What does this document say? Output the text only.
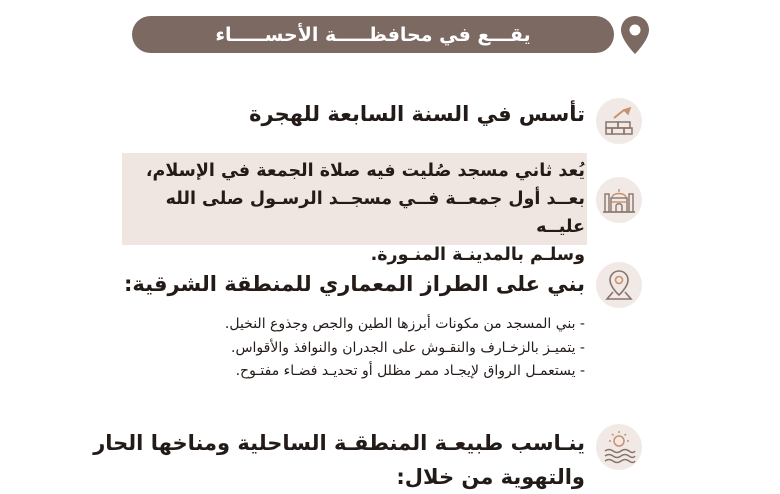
يقـــع في محافظـــــة الأحســـــاء
تأسس في السنة السابعة للهجرة
يُعد ثاني مسجد صُليت فيه صلاة الجمعة في الإسلام،
بعــد أول جمعــة فــي مسجــد الرسـول صلى الله عليــه
وسلـم بالمدينـة المنـورة.
بني على الطراز المعماري للمنطقة الشرقية:
- بني المسجد من مكونات أبرزها الطين والجص وجذوع النخيل.
- يتميـز بالزخـارف والنقـوش على الجدران والنوافذ والأقواس.
- يستعمـل الرواق لإيجـاد ممر مظلل أو تحديـد فضـاء مفتـوح.
ينـاسب طبيعـة المنطقـة الساحلية ومناخها الحار
والتهوية من خلال:
